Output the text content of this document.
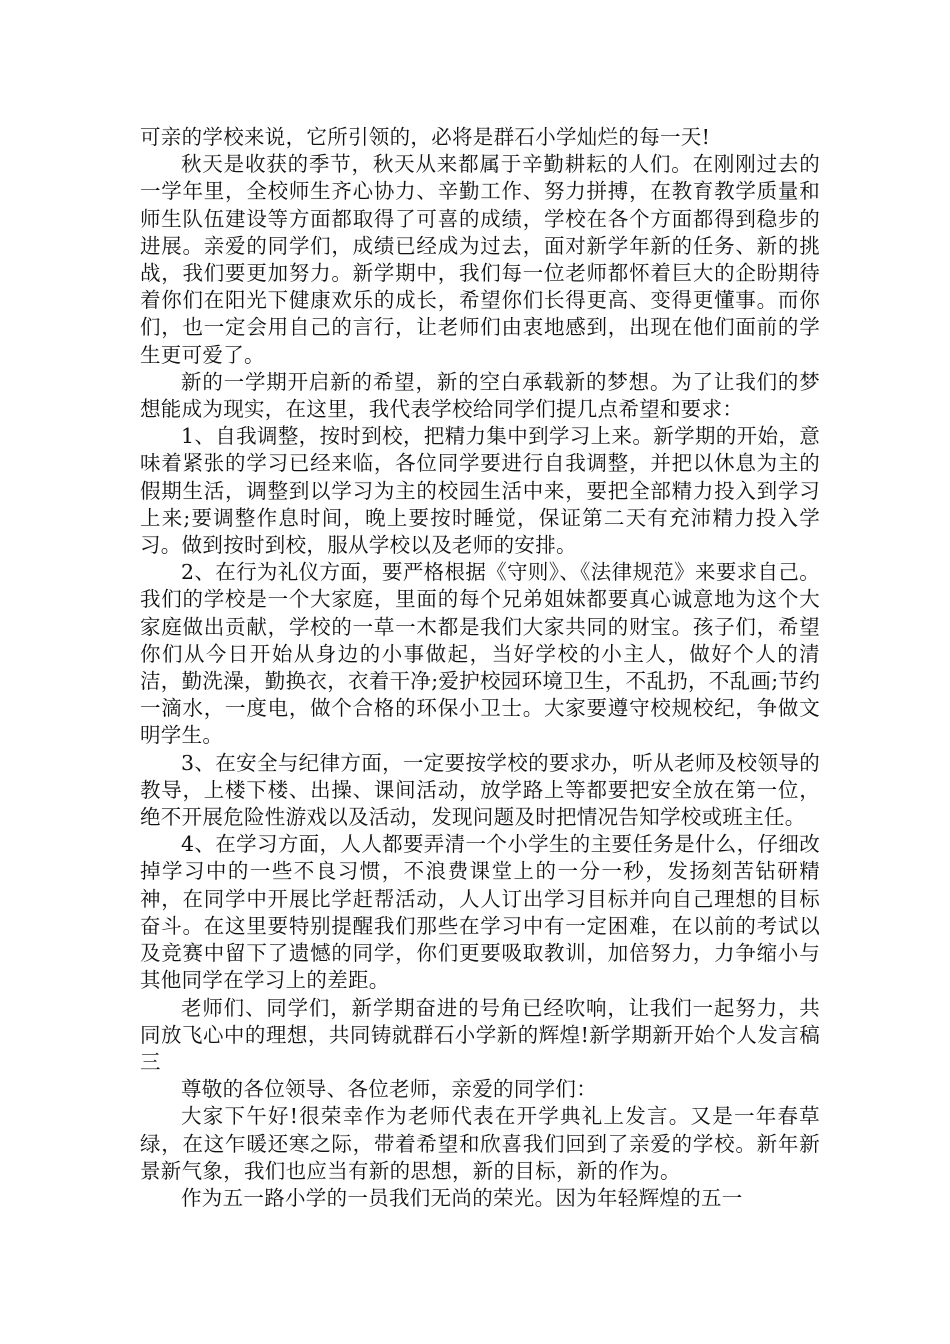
可亲的学校来说，它所引领的，必将是群石小学灿烂的每一天!

秋天是收获的季节，秋天从来都属于辛勤耕耘的人们。在刚刚过去的一学年里，全校师生齐心协力、辛勤工作、努力拼搏，在教育教学质量和师生队伍建设等方面都取得了可喜的成绩，学校在各个方面都得到稳步的进展。亲爱的同学们，成绩已经成为过去，面对新学年新的任务、新的挑战，我们要更加努力。新学期中，我们每一位老师都怀着巨大的企盼期待着你们在阳光下健康欢乐的成长，希望你们长得更高、变得更懂事。而你们，也一定会用自己的言行，让老师们由衷地感到，出现在他们面前的学生更可爱了。

新的一学期开启新的希望，新的空白承载新的梦想。为了让我们的梦想能成为现实，在这里，我代表学校给同学们提几点希望和要求：

1、自我调整，按时到校，把精力集中到学习上来。新学期的开始，意味着紧张的学习已经来临，各位同学要进行自我调整，并把以休息为主的假期生活，调整到以学习为主的校园生活中来，要把全部精力投入到学习上来;要调整作息时间，晚上要按时睡觉，保证第二天有充沛精力投入学习。做到按时到校，服从学校以及老师的安排。

2、在行为礼仪方面，要严格根据《守则》、《法律规范》来要求自己。我们的学校是一个大家庭，里面的每个兄弟姐妹都要真心诚意地为这个大家庭做出贡献，学校的一草一木都是我们大家共同的财宝。孩子们，希望你们从今日开始从身边的小事做起，当好学校的小主人，做好个人的清洁，勤洗澡，勤换衣，衣着干净;爱护校园环境卫生，不乱扔，不乱画;节约一滴水，一度电，做个合格的环保小卫士。大家要遵守校规校纪，争做文明学生。

3、在安全与纪律方面，一定要按学校的要求办，听从老师及校领导的教导，上楼下楼、出操、课间活动，放学路上等都要把安全放在第一位，绝不开展危险性游戏以及活动，发现问题及时把情况告知学校或班主任。

4、在学习方面，人人都要弄清一个小学生的主要任务是什么，仔细改掉学习中的一些不良习惯，不浪费课堂上的一分一秒，发扬刻苦钻研精神，在同学中开展比学赶帮活动，人人订出学习目标并向自己理想的目标奋斗。在这里要特别提醒我们那些在学习中有一定困难，在以前的考试以及竞赛中留下了遗憾的同学，你们更要吸取教训，加倍努力，力争缩小与其他同学在学习上的差距。

老师们、同学们，新学期奋进的号角已经吹响，让我们一起努力，共同放飞心中的理想，共同铸就群石小学新的辉煌!新学期新开始个人发言稿三

尊敬的各位领导、各位老师，亲爱的同学们：

大家下午好!很荣幸作为老师代表在开学典礼上发言。又是一年春草绿，在这乍暖还寒之际，带着希望和欣喜我们回到了亲爱的学校。新年新景新气象，我们也应当有新的思想，新的目标，新的作为。

作为五一路小学的一员我们无尚的荣光。因为年轻辉煌的五一
